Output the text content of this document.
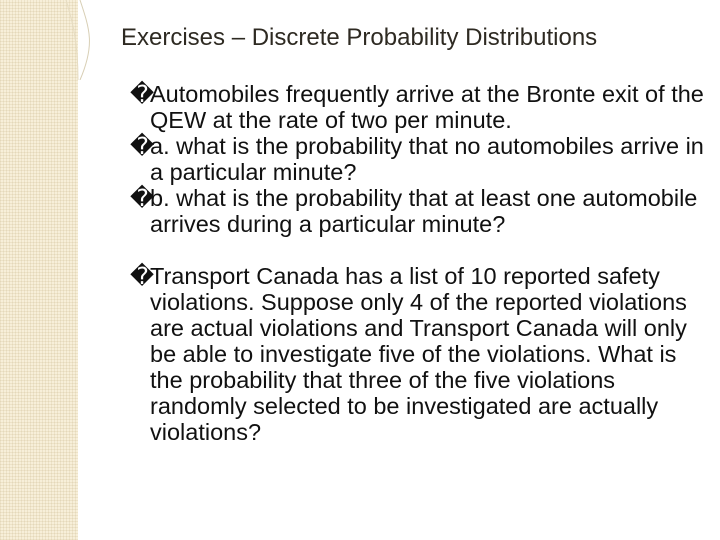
Exercises – Discrete Probability Distributions
�
Automobiles frequently arrive at the Bronte exit of the QEW at the rate of two per minute.
�
a. what is the probability that no automobiles arrive in a particular minute?
�
b. what is the probability that at least one automobile arrives during a particular minute?
�
Transport Canada has a list of 10 reported safety violations. Suppose only 4 of the reported violations are actual violations and Transport Canada will only be able to investigate five of the violations. What is the probability that three of the five violations randomly selected to be investigated are actually violations?
